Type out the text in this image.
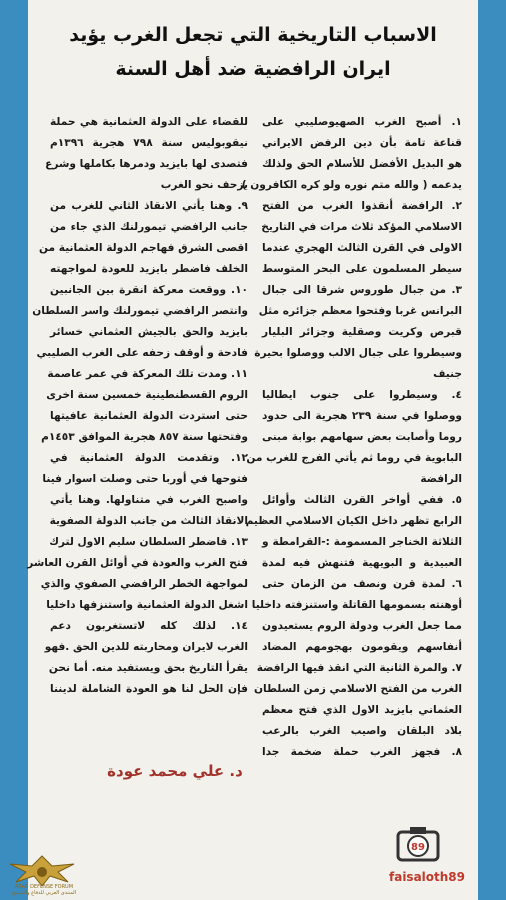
الاسباب التاريخية التي تجعل الغرب يؤيد
ايران الرافضية ضد أهل السنة
١. أصبح الغرب الصهيوصليبي على
قناعة تامة بأن دين الرفض الايراني
هو البديل الأفضل للأسلام الحق ولذلك
يدعمه ( والله متم نوره ولو كره الكافرون )
٢. الرافضة أنقذوا الغرب من الفتح
الاسلامي المؤكد ثلاث مرات في التاريخ
الاولى في القرن الثالث الهجري عندما
سيطر المسلمون على البحر المتوسط
٣. من جبال طوروس شرقا الى جبال
البرانس غربا وفتحوا معظم جزائره مثل
قبرص وكريت وصقلية وجزائر البليار
وسيطروا على جبال الالب ووصلوا بحيرة
جنيف
٤. وسيطروا على جنوب ايطاليا
ووصلوا في سنة ٢٣٩ هجرية الى حدود
روما وأصابت بعض سهامهم بوابة مبنى
البابوية في روما ثم يأتي الفرج للغرب من
الرافضة
٥. ففي أواخر القرن الثالث وأوائل
الرابع تظهر داخل الكيان الاسلامي العظيم
الثلاثة الخناجر المسمومة :-القرامطة و
العبيدية و البويهية فتنهش فيه لمدة
٦. لمدة قرن ونصف من الزمان حتى
أوهنته بسمومها القاتلة واستنزفته داخليا
مما جعل الغرب ودولة الروم يستعيدون
أنفاسهم ويقومون بهجومهم المضاد
٧. والمرة الثانية التي انقذ فيها الرافضة
الغرب من الفتح الاسلامي زمن السلطان
العثماني بايزيد الاول الذي فتح معظم
بلاد البلقان واصيب الغرب بالرعب
٨. فجهز الغرب حملة ضخمة جدا
للقضاء على الدولة العثمانية هي حملة
نيقوبوليس سنة ٧٩٨ هجرية ١٣٩٦م
فتصدى لها بايزيد ودمرها بكاملها وشرع
يزحف نحو الغرب
٩. وهنا يأتي الانقاذ الثاني للغرب من
جانب الرافضي تيمورلنك الذي جاء من
اقصى الشرق فهاجم الدولة العثمانية من
الخلف فاضطر بايزيد للعودة لمواجهته
١٠. ووقعت معركة انقرة بين الجانبين
وانتصر الرافضي تيمورلنك واسر السلطان
بايزيد والحق بالجيش العثماني خسائر
فادحة و أوقف زحفه على الغرب الصليبي
١١. ومدت تلك المعركة في عمر عاصمة
الروم القسطنطينية خمسين سنة اخرى
حتى استردت الدولة العثمانية عافيتها
وفتحتها سنة ٨٥٧ هجرية الموافق ١٤٥٣م
١٢. وتقدمت الدولة العثمانية في
فتوحها في أوربا حتى وصلت اسوار فينا
واصبح الغرب في متناولها. وهنا يأتي
الانقاذ الثالث من جانب الدولة الصفوية
١٣. فاضطر السلطان سليم الاول لترك
فتح الغرب والعودة في أوائل القرن العاشر
لمواجهة الخطر الرافضي الصفوي والذي
اشغل الدولة العثمانية واستنزفها داخليا
١٤. لذلك كله لاتستغربون دعم
الغرب لايران ومحاربته للدين الحق .فهو
يقرأ التاريخ بحق ويستفيد منه. أما نحن
فإن الحل لنا هو العودة الشاملة لديننا
د. علي محمد عودة
89
faisaloth89
ARAB DEFENSE FORUM
المنتدى العربي للدفاع والتسليح
